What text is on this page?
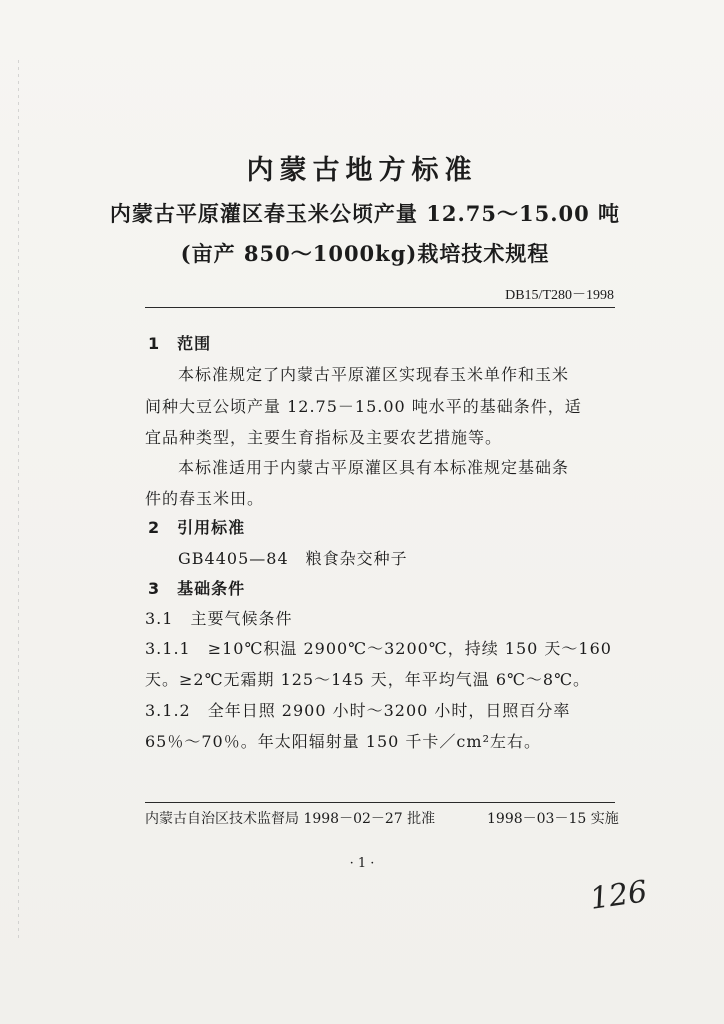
内蒙古地方标准
内蒙古平原灌区春玉米公顷产量 12.75～15.00 吨
(亩产 850～1000kg)栽培技术规程
DB15/T280－1998
1　范围
本标准规定了内蒙古平原灌区实现春玉米单作和玉米
间种大豆公顷产量 12.75－15.00 吨水平的基础条件，适
宜品种类型，主要生育指标及主要农艺措施等。
本标准适用于内蒙古平原灌区具有本标准规定基础条
件的春玉米田。
2　引用标准
GB4405—84　粮食杂交种子
3　基础条件
3.1　主要气候条件
3.1.1　≥10℃积温 2900℃～3200℃，持续 150 天～160
天。≥2℃无霜期 125～145 天，年平均气温 6℃～8℃。
3.1.2　全年日照 2900 小时～3200 小时，日照百分率
65％～70％。年太阳辐射量 150 千卡／cm²左右。
内蒙古自治区技术监督局 1998－02－27 批准	1998－03－15 实施
· 1 ·
126
